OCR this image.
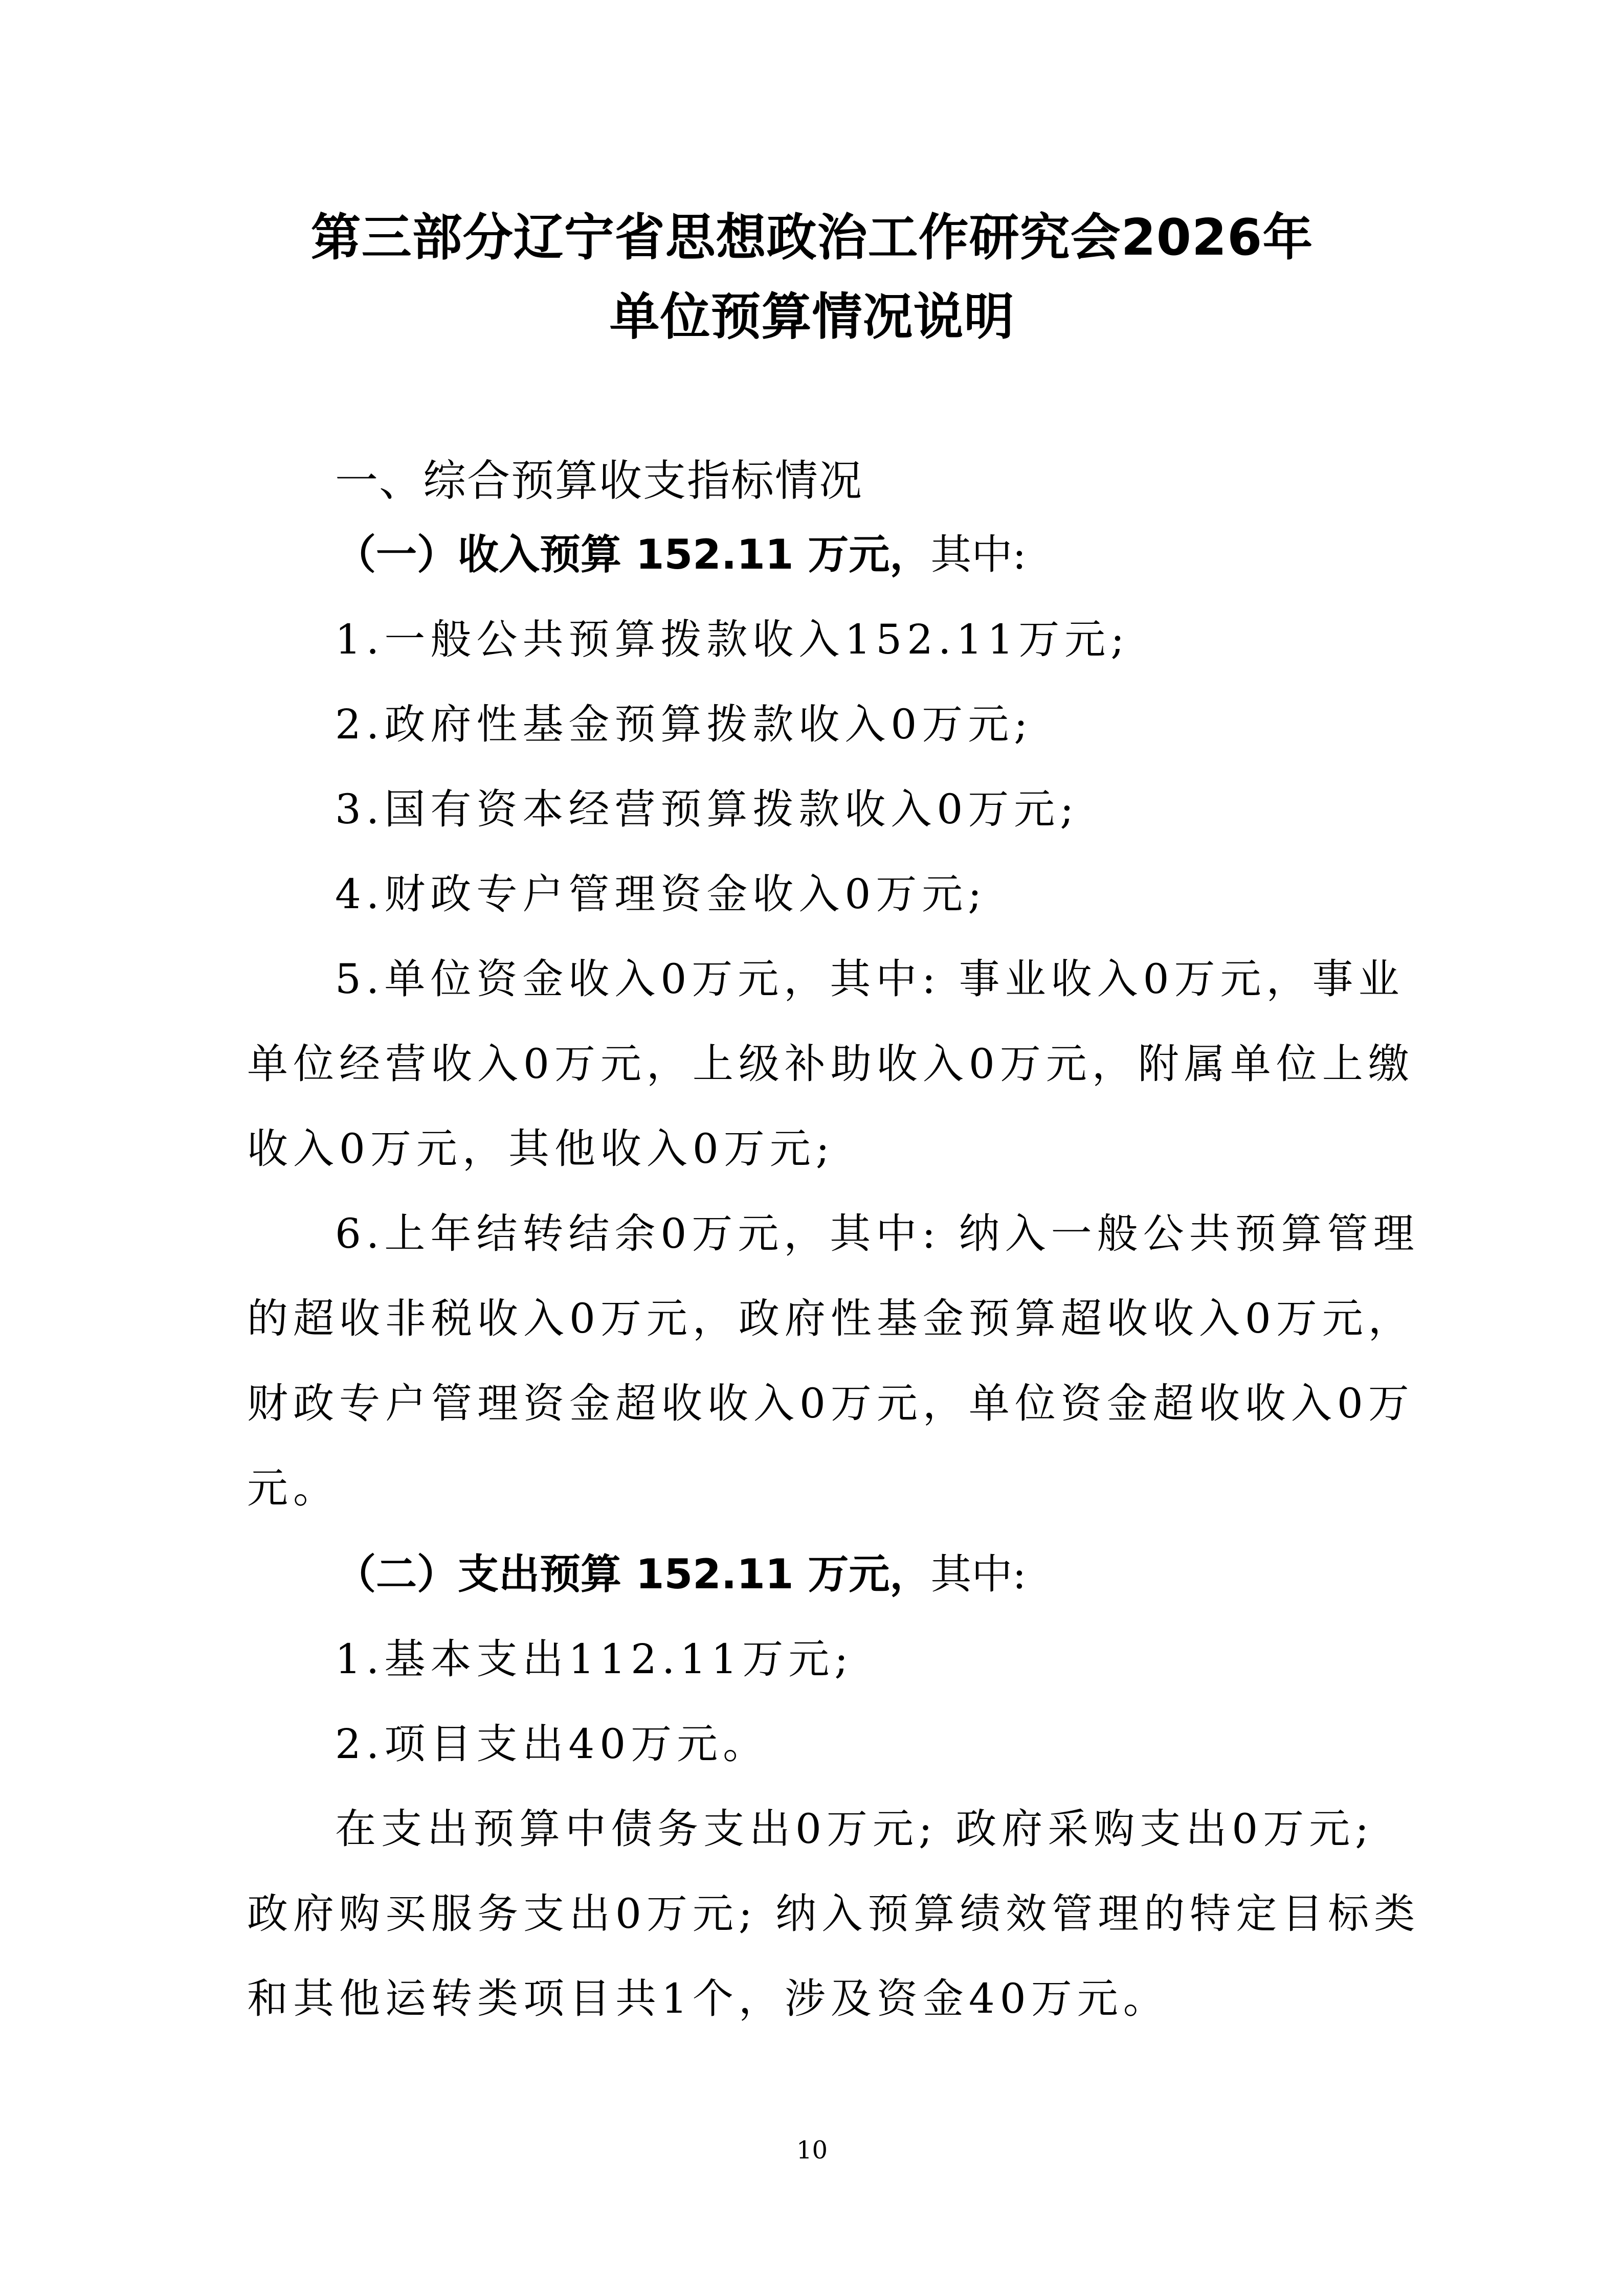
第三部分辽宁省思想政治工作研究会2026年
单位预算情况说明
一、综合预算收支指标情况
（一）收入预算 152.11 万元，其中:
1.一般公共预算拨款收入152.11万元;
2.政府性基金预算拨款收入0万元;
3.国有资本经营预算拨款收入0万元;
4.财政专户管理资金收入0万元;
5.单位资金收入0万元，其中: 事业收入0万元，事业
单位经营收入0万元，上级补助收入0万元，附属单位上缴
收入0万元，其他收入0万元;
6.上年结转结余0万元，其中: 纳入一般公共预算管理
的超收非税收入0万元，政府性基金预算超收收入0万元，
财政专户管理资金超收收入0万元，单位资金超收收入0万
元。
（二）支出预算 152.11 万元，其中:
1.基本支出112.11万元;
2.项目支出40万元。
在支出预算中债务支出0万元; 政府采购支出0万元;
政府购买服务支出0万元; 纳入预算绩效管理的特定目标类
和其他运转类项目共1个，涉及资金40万元。
10
